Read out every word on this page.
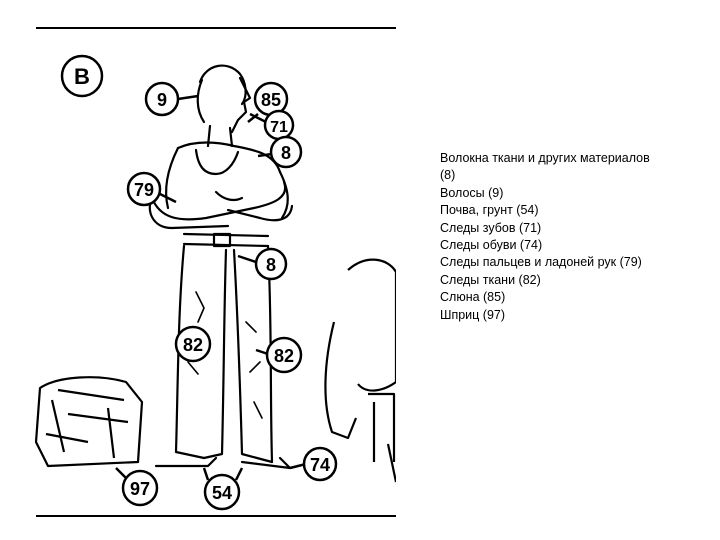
В
9	85
71
8
79
8
82
82
74
97	54
Волокна ткани и других материалов (8)
Волосы (9)
Почва, грунт (54)
Следы зубов (71)
Следы обуви (74)
Следы пальцев и ладоней рук (79)
Следы ткани (82)
Слюна (85)
Шприц (97)
